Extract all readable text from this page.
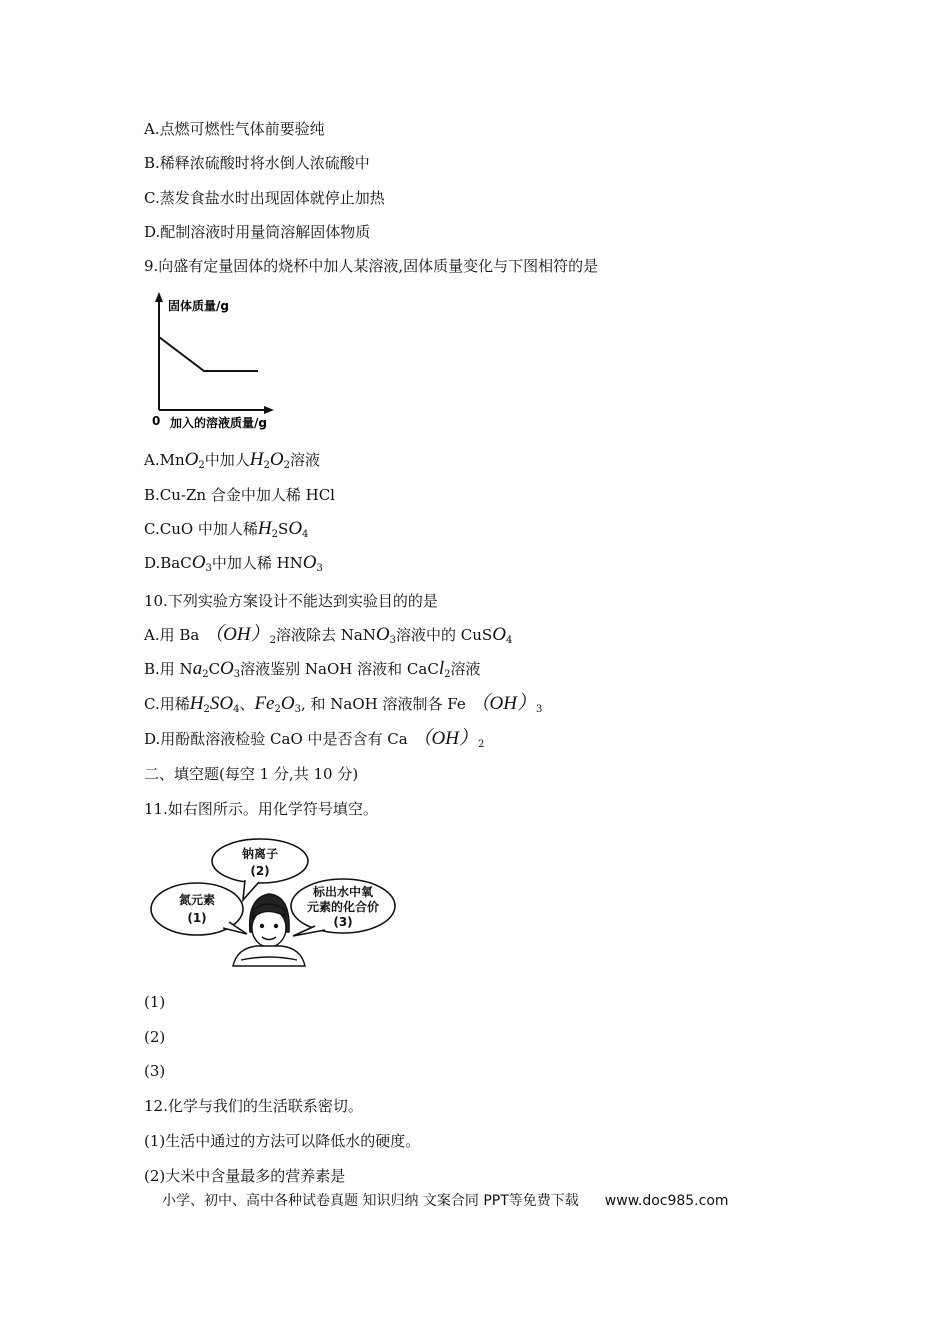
A.点燃可燃性气体前要验纯
B.稀释浓硫酸时将水倒人浓硫酸中
C.蒸发食盐水时出现固体就停止加热
D.配制溶液时用量筒溶解固体物质
9.向盛有定量固体的烧杯中加人某溶液,固体质量变化与下图相符的是
固体质量/g
0 加入的溶液质量/g
A.MnO$_2$中加人$H_2O_2$溶液
B.Cu-Zn 合金中加人稀 HCl
C.CuO 中加人稀$H_2SO_4$
D.BaCO$_3$中加人稀 $HNO_3$
10.下列实验方案设计不能达到实验目的的是
A.用 Ba $(OH)_2$溶液除去 NaNO$_3$溶液中的 CuSO$_4$
B.用 $Na_2CO_3$溶液鉴别 NaOH 溶液和 CaCl$_2$溶液
C.用稀$H_2SO_4$、$Fe_2O_3$, 和 NaOH 溶液制各 Fe $(OH)_3$
D.用酚酞溶液检验 CaO 中是否含有 Ca $(OH)_2$
二、填空题(每空 1 分,共 10 分)
11.如右图所示。用化学符号填空。
氮元素
(1)
钠离子
(2)
标出水中氧
元素的化合价
(3)
(1)
(2)
(3)
12.化学与我们的生活联系密切。
(1)生活中通过的方法可以降低水的硬度。
(2)大米中含量最多的营养素是
小学、初中、高中各种试卷真题 知识归纳 文案合同 PPT等免费下载 www.doc985.com
